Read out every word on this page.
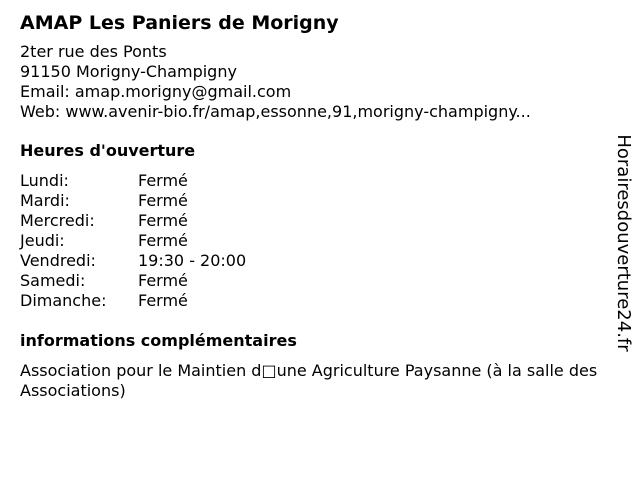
AMAP Les Paniers de Morigny
2ter rue des Ponts
91150 Morigny-Champigny
Email: amap.morigny@gmail.com
Web: www.avenir-bio.fr/amap,essonne,91,morigny-champigny...
Heures d'ouverture
Lundi:	Fermé
Mardi:	Fermé
Mercredi:	Fermé
Jeudi:	Fermé
Vendredi:	19:30 - 20:00
Samedi:	Fermé
Dimanche:	Fermé
informations complémentaires
Association pour le Maintien d□une Agriculture Paysanne (à la salle des Associations)
Horairesdouverture24.fr
